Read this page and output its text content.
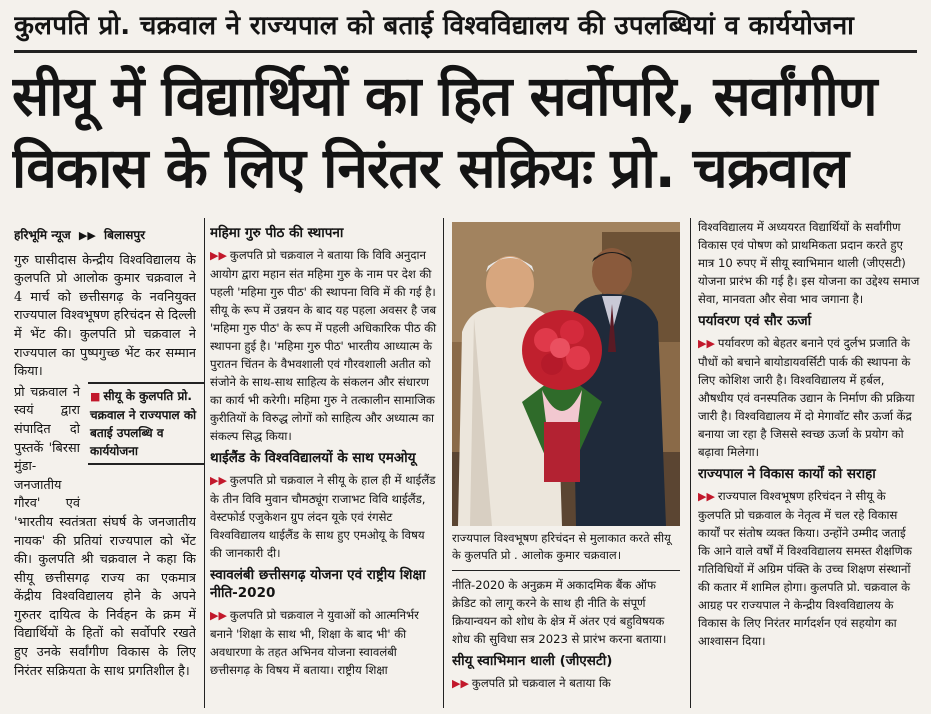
कुलपति प्रो. चक्रवाल ने राज्यपाल को बताई विश्वविद्यालय की उपलब्धियां व कार्ययोजना
सीयू में विद्यार्थियों का हित सर्वोपरि, सर्वांगीण
विकास के लिए निरंतर सक्रियः प्रो. चक्रवाल
हरिभूमि न्यूज ▶▶ बिलासपुर

गुरु घासीदास केन्द्रीय विश्वविद्यालय के कुलपति प्रो आलोक कुमार चक्रवाल ने 4 मार्च को छत्तीसगढ़ के नवनियुक्त राज्यपाल विश्वभूषण हरिचंदन से दिल्ली में भेंट की। कुलपति प्रो चक्रवाल ने राज्यपाल का पुष्पगुच्छ भेंट कर सम्मान किया।

प्रो चक्रवाल ने स्वयं द्वारा संपादित दो पुस्तकें 'बिरसा मुंडा- जनजातीय गौरव' एवं 'भारतीय स्वतंत्रता संघर्ष के जनजातीय नायक' की प्रतियां राज्यपाल को भेंट की। कुलपति श्री चक्रवाल ने कहा कि सीयू छत्तीसगढ़ राज्य का एकमात्र केंद्रीय विश्वविद्यालय होने के अपने गुरुतर दायित्व के निर्वहन के क्रम में विद्यार्थियों के हितों को सर्वोपरि रखते हुए उनके सर्वांगीण विकास के लिए निरंतर सक्रियता के साथ प्रगतिशील है।

■ सीयू के कुलपति प्रो. चक्रवाल ने राज्यपाल को बताई उपलब्धि व कार्ययोजना
महिमा गुरु पीठ की स्थापना

▶▶ कुलपति प्रो चक्रवाल ने बताया कि विवि अनुदान आयोग द्वारा महान संत महिमा गुरु के नाम पर देश की पहली 'महिमा गुरु पीठ' की स्थापना विवि में की गई है। सीयू के रूप में उन्नयन के बाद यह पहला अवसर है जब 'महिमा गुरु पीठ' के रूप में पहली अधिकारिक पीठ की स्थापना हुई है। 'महिमा गुरु पीठ' भारतीय आध्यात्म के पुरातन चिंतन के वैभवशाली एवं गौरवशाली अतीत को संजोने के साथ-साथ साहित्य के संकलन और संधारण का कार्य भी करेगी। महिमा गुरु ने तत्कालीन सामाजिक कुरीतियों के विरुद्ध लोगों को साहित्य और अध्यात्म का संकल्प सिद्ध किया।

थाईलैंड के विश्वविद्यालयों के साथ एमओयू

▶▶ कुलपति प्रो चक्रवाल ने सीयू के हाल ही में थाईलैंड के तीन विवि मुवान चौमठ्यूंग राजाभट विवि थाईलैंड, वेस्टफोर्ड एजुकेशन ग्रुप लंदन यूके एवं रंगसेट विश्वविद्यालय थाईलैंड के साथ हुए एमओयू के विषय की जानकारी दी।

स्वावलंबी छत्तीसगढ़ योजना एवं राष्ट्रीय शिक्षा नीति-2020

▶▶ कुलपति प्रो चक्रवाल ने युवाओं को आत्मनिर्भर बनाने 'शिक्षा के साथ भी, शिक्षा के बाद भी' की अवधारणा के तहत अभिनव योजना स्वावलंबी छत्तीसगढ़ के विषय में बताया। राष्ट्रीय शिक्षा

राज्यपाल विश्वभूषण हरिचंदन से मुलाकात करते सीयू के कुलपति प्रो . आलोक कुमार चक्रवाल।

नीति-2020 के अनुक्रम में अकादमिक बैंक ऑफ क्रेडिट को लागू करने के साथ ही नीति के संपूर्ण क्रियान्वयन को शोध के क्षेत्र में अंतर एवं बहुविषयक शोध की सुविधा सत्र 2023 से प्रारंभ करना बताया।

सीयू स्वाभिमान थाली (जीएसटी)

▶▶ कुलपति प्रो चक्रवाल ने बताया कि

विश्वविद्यालय में अध्ययरत विद्यार्थियों के सर्वांगीण विकास एवं पोषण को प्राथमिकता प्रदान करते हुए मात्र 10 रुपए में सीयू स्वाभिमान थाली (जीएसटी) योजना प्रारंभ की गई है। इस योजना का उद्देश्य समाज सेवा, मानवता और सेवा भाव जगाना है।

पर्यावरण एवं सौर ऊर्जा

▶▶ पर्यावरण को बेहतर बनाने एवं दुर्लभ प्रजाति के पौधों को बचाने बायोडायवर्सिटी पार्क की स्थापना के लिए कोशिश जारी है। विश्वविद्यालय में हर्बल, औषधीय एवं वनस्पतिक उद्यान के निर्माण की प्रक्रिया जारी है। विश्वविद्यालय में दो मेगावॉट सौर ऊर्जा केंद्र बनाया जा रहा है जिससे स्वच्छ ऊर्जा के प्रयोग को बढ़ावा मिलेगा।

राज्यपाल ने विकास कार्यों को सराहा

▶▶ राज्यपाल विश्वभूषण हरिचंदन ने सीयू के कुलपति प्रो चक्रवाल के नेतृत्व में चल रहे विकास कार्यों पर संतोष व्यक्त किया। उन्होंने उम्मीद जताई कि आने वाले वर्षों में विश्वविद्यालय समस्त शैक्षणिक गतिविधियों में अग्रिम पंक्ति के उच्च शिक्षण संस्थानों की कतार में शामिल होगा। कुलपति प्रो. चक्रवाल के आग्रह पर राज्यपाल ने केन्द्रीय विश्वविद्यालय के विकास के लिए निरंतर मार्गदर्शन एवं सहयोग का आश्वासन दिया।
